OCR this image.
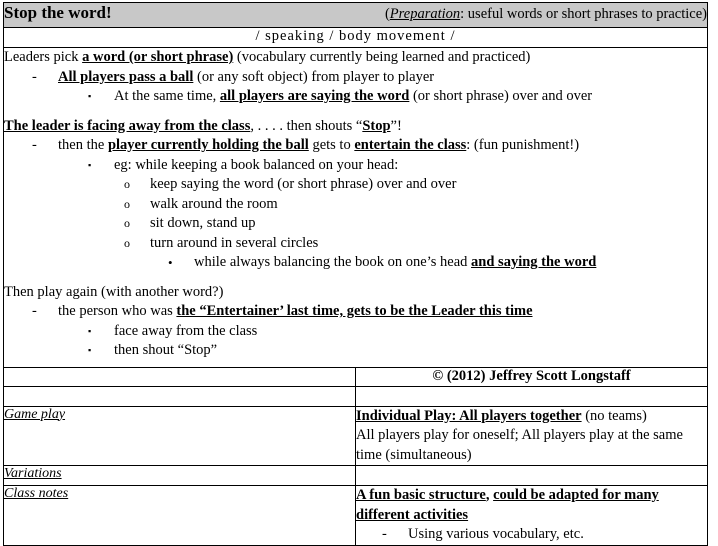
Stop the word! (Preparation: useful words or short phrases to practice)	

/ speaking / body movement /	

Leaders pick a word (or short phrase) (vocabulary currently being learned and practiced)
-	All players pass a ball (or any soft object) from player to player
▪	At the same time, all players are saying the word (or short phrase) over and over
The leader is facing away from the class, . . . . then shouts “Stop”!
-	then the player currently holding the ball gets to entertain the class: (fun punishment!)
▪	eg: while keeping a book balanced on your head:
o	keep saying the word (or short phrase) over and over
o	walk around the room
o	sit down, stand up
o	turn around in several circles
•	while always balancing the book on one’s head and saying the word
Then play again (with another word?)
-	the person who was the “Entertainer’ last time, gets to be the Leader this time
▪	face away from the class
▪	then shout “Stop”

	© (2012) Jeffrey Scott Longstaff

Game play	Individual Play: All players together (no teams)
All players play for oneself; All players play at the same time (simultaneous)

Variations	
Class notes	A fun basic structure, could be adapted for many different activities
- Using various vocabulary, etc.
